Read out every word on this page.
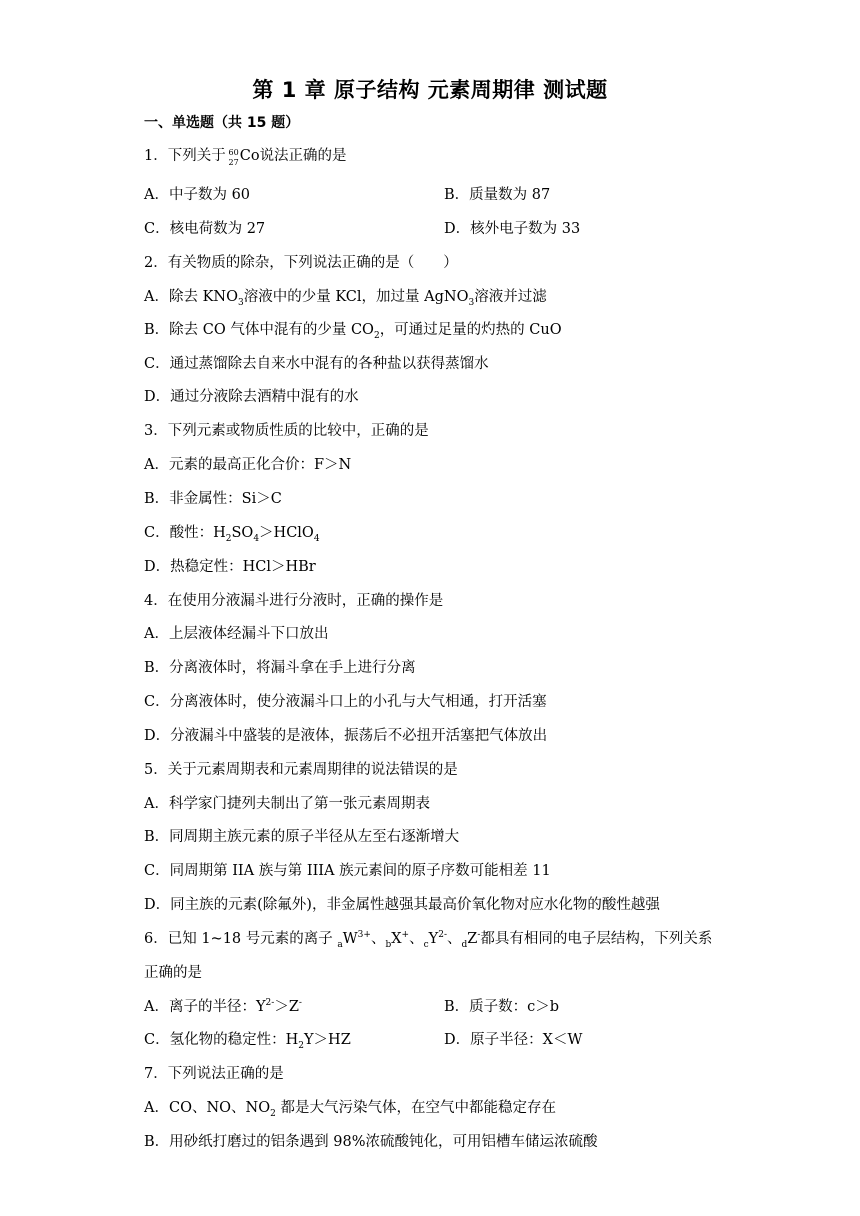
第 1 章 原子结构 元素周期律 测试题
一、单选题（共 15 题）
1．下列关于 60
27 Co说法正确的是
A．中子数为 60	B．质量数为 87
C．核电荷数为 27	D．核外电子数为 33
2．有关物质的除杂，下列说法正确的是（　　）
A．除去 $KNO_3$溶液中的少量 KCl，加过量 AgNO$_3$溶液并过滤
B．除去 CO 气体中混有的少量 $CO_2$，可通过足量的灼热的 CuO
C．通过蒸馏除去自来水中混有的各种盐以获得蒸馏水
D．通过分液除去酒精中混有的水
3．下列元素或物质性质的比较中，正确的是
A．元素的最高正化合价：F＞N
B．非金属性：Si＞C
C．酸性：$H_2SO_4>HClO_4$
D．热稳定性：HCl＞HBr
4．在使用分液漏斗进行分液时，正确的操作是
A．上层液体经漏斗下口放出
B．分离液体时，将漏斗拿在手上进行分离
C．分离液体时，使分液漏斗口上的小孔与大气相通，打开活塞
D．分液漏斗中盛装的是液体，振荡后不必扭开活塞把气体放出
5．关于元素周期表和元素周期律的说法错误的是
A．科学家门捷列夫制出了第一张元素周期表
B．同周期主族元素的原子半径从左至右逐渐增大
C．同周期第 IIA 族与第 IIIA 族元素间的原子序数可能相差 11
D．同主族的元素(除氟外)，非金属性越强其最高价氧化物对应水化物的酸性越强
6．已知 1~18 号元素的离子 $_aW^{3+}$、$_b$X+、$_cY^{2-}$、$_d$Z-都具有相同的电子层结构，下列关系
正确的是
A．离子的半径：$Y^{2-}>Z^-$	B．质子数：c＞b
C．氢化物的稳定性：$H_2Y>HZ$	D．原子半径：X＜W
7．下列说法正确的是
A．CO、NO、$NO_2$ 都是大气污染气体，在空气中都能稳定存在
B．用砂纸打磨过的铝条遇到 98%浓硫酸钝化，可用铝槽车储运浓硫酸
